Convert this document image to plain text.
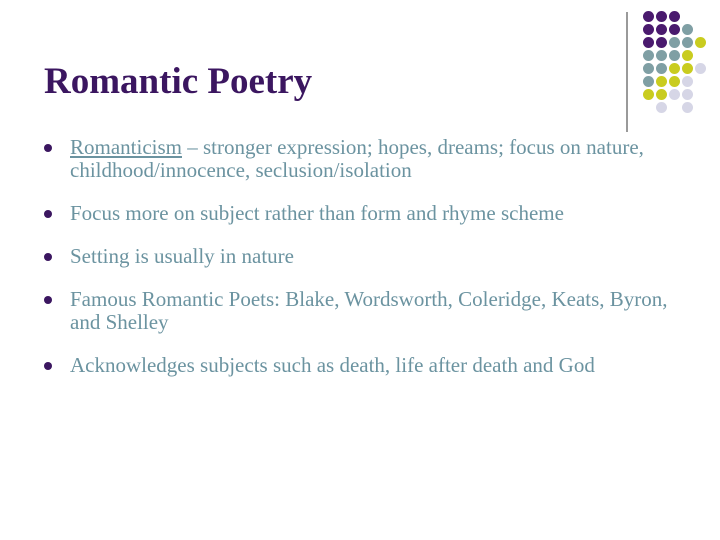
Romantic Poetry
Romanticism – stronger expression; hopes, dreams; focus on nature, childhood/innocence, seclusion/isolation
Focus more on subject rather than form and rhyme scheme
Setting is usually in nature
Famous Romantic Poets: Blake, Wordsworth, Coleridge, Keats, Byron, and Shelley
Acknowledges subjects such as death, life after death and God
